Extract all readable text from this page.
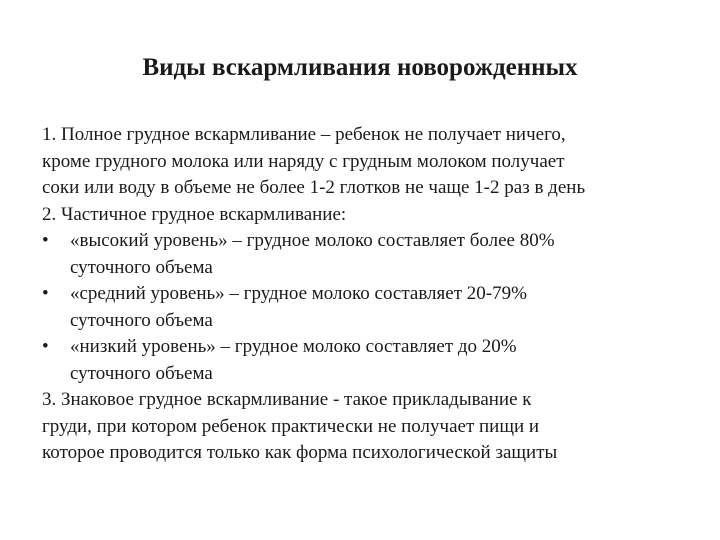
Виды вскармливания новорожденных
1. Полное грудное вскармливание – ребенок не получает ничего,
кроме грудного молока или наряду с грудным молоком получает
соки или воду в объеме не более 1-2 глотков не чаще 1-2 раз в день
2. Частичное грудное вскармливание:
•	«высокий уровень» – грудное молоко составляет более 80%
суточного объема
•	«средний уровень» – грудное молоко составляет 20-79%
суточного объема
•	«низкий уровень» – грудное молоко составляет до 20%
суточного объема
3. Знаковое грудное вскармливание - такое прикладывание к
груди, при котором ребенок практически не получает пищи и
которое проводится только как форма психологической защиты
